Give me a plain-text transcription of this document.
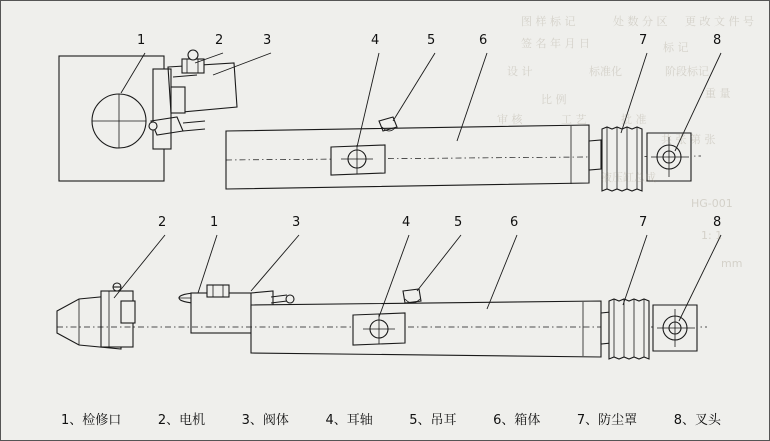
1	2	3	4	5	6	7	8
2	1	3	4	5	6	7	8
图 样 标 记	处 数 分 区 更 改 文 件 号
签 名 年 月 日	标 记
设 计	标准化	阶段标记
重 量
比 例
审 核	工 艺	批 准
共 张 第 张
液压缸总成
HG-001
1: 1
mm
1、检修口	2、电机	3、阀体	4、耳轴	5、吊耳	6、箱体	7、防尘罩	8、叉头
